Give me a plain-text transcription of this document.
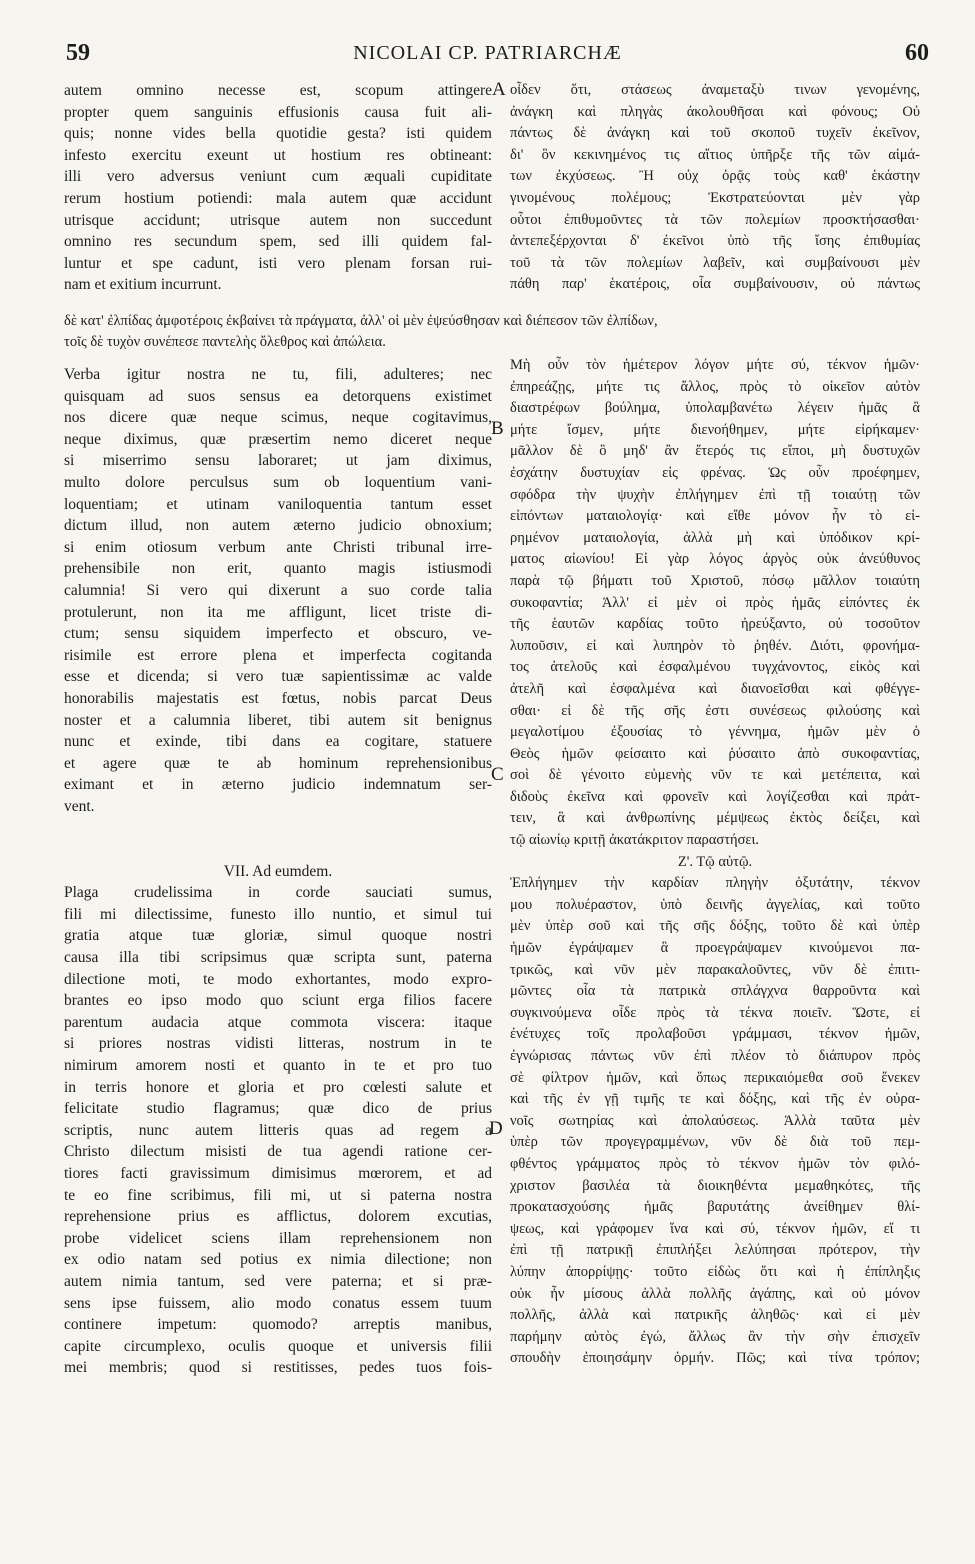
59	NICOLAI CP. PATRIARCHÆ	60
A
B
C
D
autem omnino necesse est, scopum attingere
propter quem sanguinis effusionis causa fuit ali-
quis; nonne vides bella quotidie gesta? isti quidem
infesto exercitu exeunt ut hostium res obtineant:
illi vero adversus veniunt cum æquali cupiditate
rerum hostium potiendi: mala autem quæ accidunt
utrisque accidunt; utrisque autem non succedunt
omnino res secundum spem, sed illi quidem fal-
luntur et spe cadunt, isti vero plenam forsan rui-
nam et exitium incurrunt.
οἶδεν ὅτι, στάσεως ἀναμεταξὺ τινων γενομένης,
ἀνάγκη καὶ πληγὰς ἀκολουθῆσαι καὶ φόνους; Οὐ
πάντως δὲ ἀνάγκη καὶ τοῦ σκοποῦ τυχεῖν ἐκεῖνον,
δι' ὃν κεκινημένος τις αἴτιος ὑπῆρξε τῆς τῶν αἱμά-
των ἐκχύσεως. Ἢ οὐχ ὁρᾷς τοὺς καθ' ἑκάστην
γινομένους πολέμους; Ἐκστρατεύονται μὲν γὰρ
οὗτοι ἐπιθυμοῦντες τὰ τῶν πολεμίων προσκτήσασθαι·
ἀντεπεξέρχονται δ' ἐκεῖνοι ὑπὸ τῆς ἴσης ἐπιθυμίας
τοῦ τὰ τῶν πολεμίων λαβεῖν, καὶ συμβαίνουσι μὲν
πάθη παρ' ἑκατέροις, οἷα συμβαίνουσιν, οὐ πάντως
δὲ κατ' ἐλπίδας ἀμφοτέροις ἐκβαίνει τὰ πράγματα, ἀλλ' οἱ μὲν ἐψεύσθησαν καὶ διέπεσον τῶν ἐλπίδων,
τοῖς δὲ τυχὸν συνέπεσε παντελὴς ὄλεθρος καὶ ἀπώλεια.
Verba igitur nostra ne tu, fili, adulteres; nec
quisquam ad suos sensus ea detorquens existimet
nos dicere quæ neque scimus, neque cogitavimus,
neque diximus, quæ præsertim nemo diceret neque
si miserrimo sensu laboraret; ut jam diximus,
multo dolore perculsus sum ob loquentium vani-
loquentiam; et utinam vaniloquentia tantum esset
dictum illud, non autem æterno judicio obnoxium;
si enim otiosum verbum ante Christi tribunal irre-
prehensibile non erit, quanto magis istiusmodi
calumnia! Si vero qui dixerunt a suo corde talia
protulerunt, non ita me affligunt, licet triste di-
ctum; sensu siquidem imperfecto et obscuro, ve-
risimile est errore plena et imperfecta cogitanda
esse et dicenda; si vero tuæ sapientissimæ ac valde
honorabilis majestatis est fœtus, nobis parcat Deus
noster et a calumnia liberet, tibi autem sit benignus
nunc et exinde, tibi dans ea cogitare, statuere
et agere quæ te ab hominum reprehensionibus
eximant et in æterno judicio indemnatum ser-
vent.
VII. Ad eumdem.
Plaga crudelissima in corde sauciati sumus,
fili mi dilectissime, funesto illo nuntio, et simul tui
gratia atque tuæ gloriæ, simul quoque nostri
causa illa tibi scripsimus quæ scripta sunt, paterna
dilectione moti, te modo exhortantes, modo expro-
brantes eo ipso modo quo sciunt erga filios facere
parentum audacia atque commota viscera: itaque
si priores nostras vidisti litteras, nostrum in te
nimirum amorem nosti et quanto in te et pro tuo
in terris honore et gloria et pro cœlesti salute et
felicitate studio flagramus; quæ dico de prius
scriptis, nunc autem litteris quas ad regem a
Christo dilectum misisti de tua agendi ratione cer-
tiores facti gravissimum dimisimus mœrorem, et ad
te eo fine scribimus, fili mi, ut si paterna nostra
reprehensione prius es afflictus, dolorem excutias,
probe videlicet sciens illam reprehensionem non
ex odio natam sed potius ex nimia dilectione; non
autem nimia tantum, sed vere paterna; et si præ-
sens ipse fuissem, alio modo conatus essem tuum
continere impetum: quomodo? arreptis manibus,
capite circumplexo, oculis quoque et universis filii
mei membris; quod si restitisses, pedes tuos fois-
Μὴ οὖν τὸν ἡμέτερον λόγον μήτε σύ, τέκνον ἡμῶν·
ἐπηρεάζῃς, μήτε τις ἄλλος, πρὸς τὸ οἰκεῖον αὐτὸν
διαστρέφων βούλημα, ὑπολαμβανέτω λέγειν ἡμᾶς ἃ
μήτε ἴσμεν, μήτε διενοήθημεν, μήτε εἰρήκαμεν·
μᾶλλον δὲ ὃ μηδ' ἂν ἕτερός τις εἴποι, μὴ δυστυχῶν
ἐσχάτην δυστυχίαν εἰς φρένας. Ὡς οὖν προέφημεν,
σφόδρα τὴν ψυχὴν ἐπλήγημεν ἐπὶ τῇ τοιαύτῃ τῶν
εἰπόντων ματαιολογίᾳ· καὶ εἴθε μόνον ἦν τὸ εἰ-
ρημένον ματαιολογία, ἀλλὰ μὴ καὶ ὑπόδικον κρί-
ματος αἰωνίου! Εἰ γὰρ λόγος ἀργὸς οὐκ ἀνεύθυνος
παρὰ τῷ βήματι τοῦ Χριστοῦ, πόσῳ μᾶλλον τοιαύτη
συκοφαντία; Ἀλλ' εἰ μὲν οἱ πρὸς ἡμᾶς εἰπόντες ἐκ
τῆς ἑαυτῶν καρδίας τοῦτο ἠρεύξαντο, οὐ τοσοῦτον
λυποῦσιν, εἰ καὶ λυπηρὸν τὸ ῥηθέν. Διότι, φρονήμα-
τος ἀτελοῦς καὶ ἐσφαλμένου τυγχάνοντος, εἰκὸς καὶ
ἀτελῆ καὶ ἐσφαλμένα καὶ διανοεῖσθαι καὶ φθέγγε-
σθαι· εἰ δὲ τῆς σῆς ἐστι συνέσεως φιλούσης καὶ
μεγαλοτίμου ἐξουσίας τὸ γέννημα, ἡμῶν μὲν ὁ
Θεὸς ἡμῶν φείσαιτο καὶ ῥύσαιτο ἀπὸ συκοφαντίας,
σοὶ δὲ γένοιτο εὐμενὴς νῦν τε καὶ μετέπειτα, καὶ
διδοὺς ἐκεῖνα καὶ φρονεῖν καὶ λογίζεσθαι καὶ πράτ-
τειν, ἃ καὶ ἀνθρωπίνης μέμψεως ἐκτὸς δείξει, καὶ
τῷ αἰωνίῳ κριτῇ ἀκατάκριτον παραστήσει.
Ζ'. Τῷ αὐτῷ.
Ἐπλήγημεν τὴν καρδίαν πληγὴν ὀξυτάτην, τέκνον
μου πολυέραστον, ὑπὸ δεινῆς ἀγγελίας, καὶ τοῦτο
μὲν ὑπὲρ σοῦ καὶ τῆς σῆς δόξης, τοῦτο δὲ καὶ ὑπὲρ
ἡμῶν ἐγράψαμεν ἃ προεγράψαμεν κινούμενοι πα-
τρικῶς, καὶ νῦν μὲν παρακαλοῦντες, νῦν δὲ ἐπιτι-
μῶντες οἷα τὰ πατρικὰ σπλάγχνα θαρροῦντα καὶ
συγκινούμενα οἶδε πρὸς τὰ τέκνα ποιεῖν. Ὥστε, εἰ
ἐνέτυχες τοῖς προλαβοῦσι γράμμασι, τέκνον ἡμῶν,
ἐγνώρισας πάντως νῦν ἐπὶ πλέον τὸ διάπυρον πρὸς
σὲ φίλτρον ἡμῶν, καὶ ὅπως περικαιόμεθα σοῦ ἕνεκεν
καὶ τῆς ἐν γῇ τιμῆς τε καὶ δόξης, καὶ τῆς ἐν οὐρα-
νοῖς σωτηρίας καὶ ἀπολαύσεως. Ἀλλὰ ταῦτα μὲν
ὑπὲρ τῶν προγεγραμμένων, νῦν δὲ διὰ τοῦ πεμ-
φθέντος γράμματος πρὸς τὸ τέκνον ἡμῶν τὸν φιλό-
χριστον βασιλέα τὰ διοικηθέντα μεμαθηκότες, τῆς
προκατασχούσης ἡμᾶς βαρυτάτης ἀνείθημεν θλί-
ψεως, καὶ γράφομεν ἵνα καὶ σύ, τέκνον ἡμῶν, εἴ τι
ἐπὶ τῇ πατρικῇ ἐπιπλήξει λελύπησαι πρότερον, τὴν
λύπην ἀπορρίψῃς· τοῦτο εἰδὼς ὅτι καὶ ἡ ἐπίπληξις
οὐκ ἦν μίσους ἀλλὰ πολλῆς ἀγάπης, καὶ οὐ μόνον
πολλῆς, ἀλλὰ καὶ πατρικῆς ἀληθῶς· καὶ εἰ μὲν
παρήμην αὐτὸς ἐγώ, ἄλλως ἂν τὴν σὴν ἐπισχεῖν
σπουδὴν ἐποιησάμην ὁρμήν. Πῶς; καὶ τίνα τρόπον;
